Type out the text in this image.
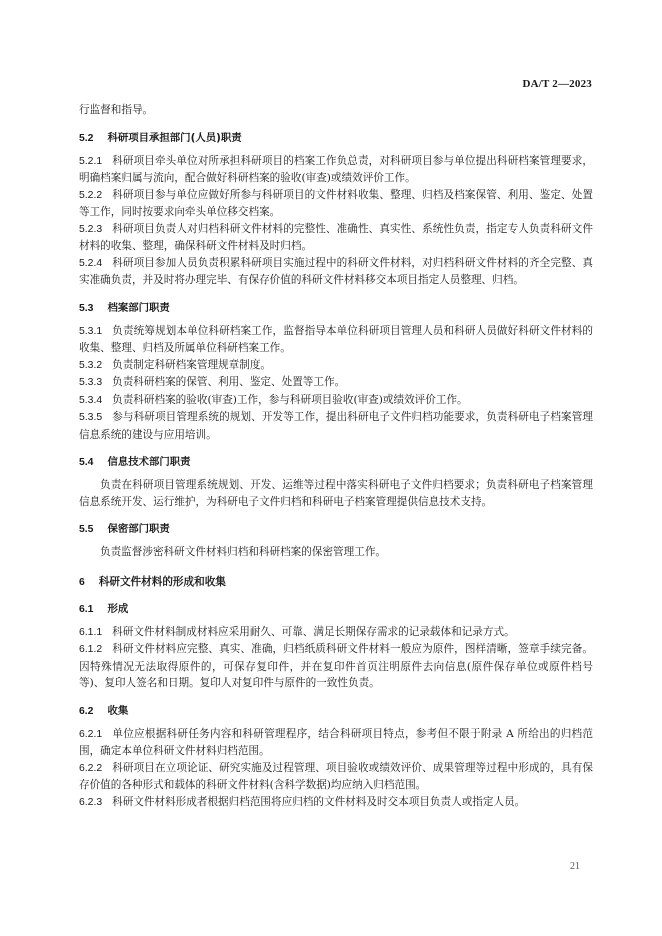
DA/T 2—2023

行监督和指导。

5.2 科研项目承担部门(人员)职责

5.2.1 科研项目牵头单位对所承担科研项目的档案工作负总责，对科研项目参与单位提出科研档案管理要求，明确档案归属与流向，配合做好科研档案的验收(审查)或绩效评价工作。

5.2.2 科研项目参与单位应做好所参与科研项目的文件材料收集、整理、归档及档案保管、利用、鉴定、处置等工作，同时按要求向牵头单位移交档案。

5.2.3 科研项目负责人对归档科研文件材料的完整性、准确性、真实性、系统性负责，指定专人负责科研文件材料的收集、整理，确保科研文件材料及时归档。

5.2.4 科研项目参加人员负责积累科研项目实施过程中的科研文件材料，对归档科研文件材料的齐全完整、真实准确负责，并及时将办理完毕、有保存价值的科研文件材料移交本项目指定人员整理、归档。

5.3 档案部门职责

5.3.1 负责统筹规划本单位科研档案工作，监督指导本单位科研项目管理人员和科研人员做好科研文件材料的收集、整理、归档及所属单位科研档案工作。

5.3.2 负责制定科研档案管理规章制度。

5.3.3 负责科研档案的保管、利用、鉴定、处置等工作。

5.3.4 负责科研档案的验收(审查)工作，参与科研项目验收(审查)或绩效评价工作。

5.3.5 参与科研项目管理系统的规划、开发等工作，提出科研电子文件归档功能要求，负责科研电子档案管理信息系统的建设与应用培训。

5.4 信息技术部门职责

负责在科研项目管理系统规划、开发、运维等过程中落实科研电子文件归档要求；负责科研电子档案管理信息系统开发、运行维护，为科研电子文件归档和科研电子档案管理提供信息技术支持。

5.5 保密部门职责

负责监督涉密科研文件材料归档和科研档案的保密管理工作。

6 科研文件材料的形成和收集
6.1 形成

6.1.1 科研文件材料制成材料应采用耐久、可靠、满足长期保存需求的记录载体和记录方式。

6.1.2 科研文件材料应完整、真实、准确，归档纸质科研文件材料一般应为原件，图样清晰，签章手续完备。因特殊情况无法取得原件的，可保存复印件，并在复印件首页注明原件去向信息(原件保存单位或原件档号等)、复印人签名和日期。复印人对复印件与原件的一致性负责。

6.2 收集

6.2.1 单位应根据科研任务内容和科研管理程序，结合科研项目特点，参考但不限于附录 A 所给出的归档范围，确定本单位科研文件材料归档范围。

6.2.2 科研项目在立项论证、研究实施及过程管理、项目验收或绩效评价、成果管理等过程中形成的，具有保存价值的各种形式和载体的科研文件材料(含科学数据)均应纳入归档范围。

6.2.3 科研文件材料形成者根据归档范围将应归档的文件材料及时交本项目负责人或指定人员。

21
